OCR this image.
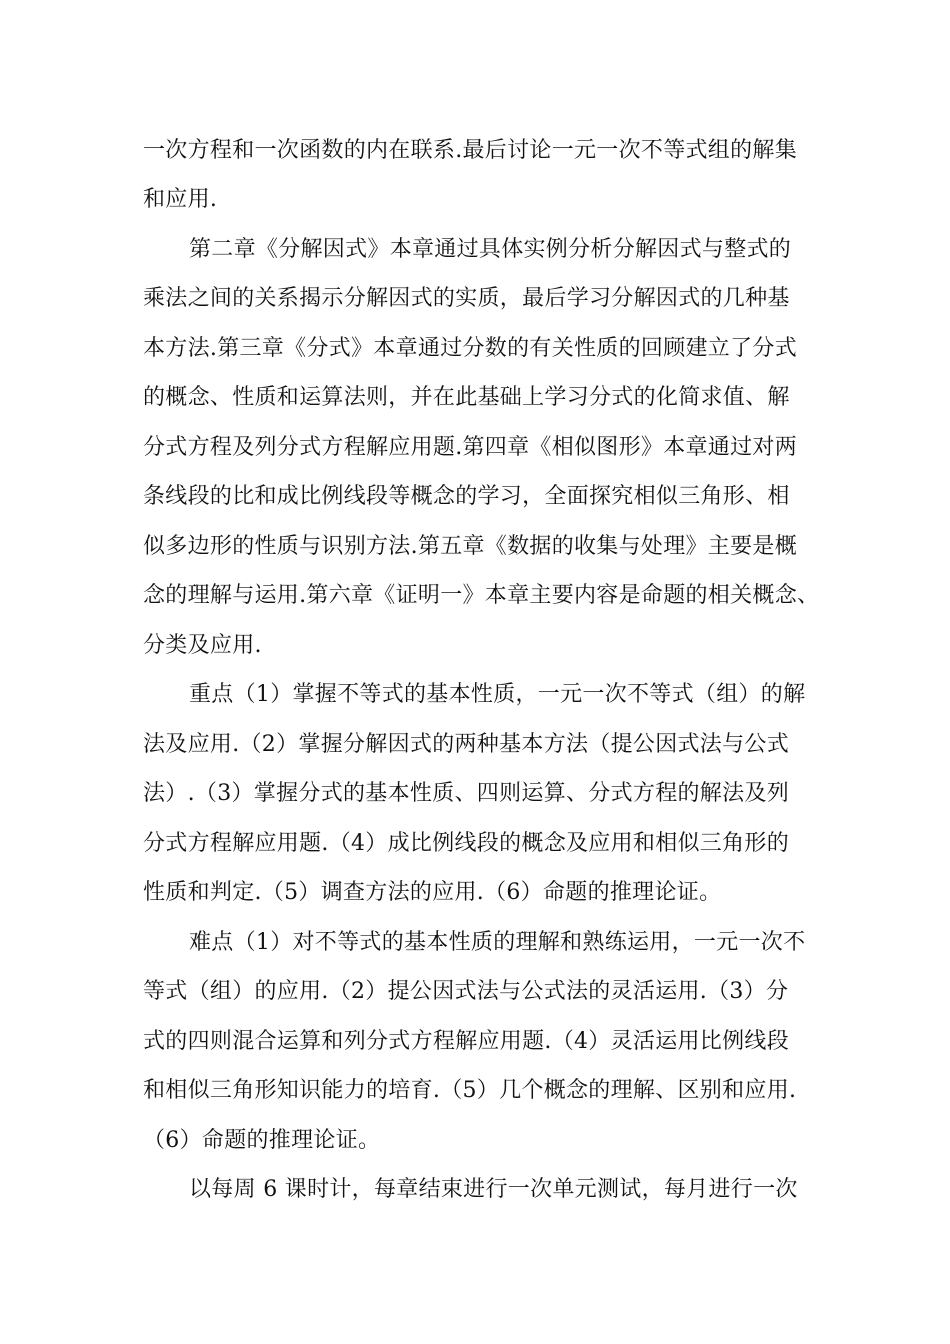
一次方程和一次函数的内在联系.最后讨论一元一次不等式组的解集
和应用.
第二章《分解因式》本章通过具体实例分析分解因式与整式的
乘法之间的关系揭示分解因式的实质，最后学习分解因式的几种基
本方法.第三章《分式》本章通过分数的有关性质的回顾建立了分式
的概念、性质和运算法则，并在此基础上学习分式的化简求值、解
分式方程及列分式方程解应用题.第四章《相似图形》本章通过对两
条线段的比和成比例线段等概念的学习，全面探究相似三角形、相
似多边形的性质与识别方法.第五章《数据的收集与处理》主要是概
念的理解与运用.第六章《证明一》本章主要内容是命题的相关概念、
分类及应用.
重点（1）掌握不等式的基本性质，一元一次不等式（组）的解
法及应用.（2）掌握分解因式的两种基本方法（提公因式法与公式
法）.（3）掌握分式的基本性质、四则运算、分式方程的解法及列
分式方程解应用题.（4）成比例线段的概念及应用和相似三角形的
性质和判定.（5）调查方法的应用.（6）命题的推理论证。
难点（1）对不等式的基本性质的理解和熟练运用，一元一次不
等式（组）的应用.（2）提公因式法与公式法的灵活运用.（3）分
式的四则混合运算和列分式方程解应用题.（4）灵活运用比例线段
和相似三角形知识能力的培育.（5）几个概念的理解、区别和应用.
（6）命题的推理论证。
以每周 6 课时计，每章结束进行一次单元测试，每月进行一次
